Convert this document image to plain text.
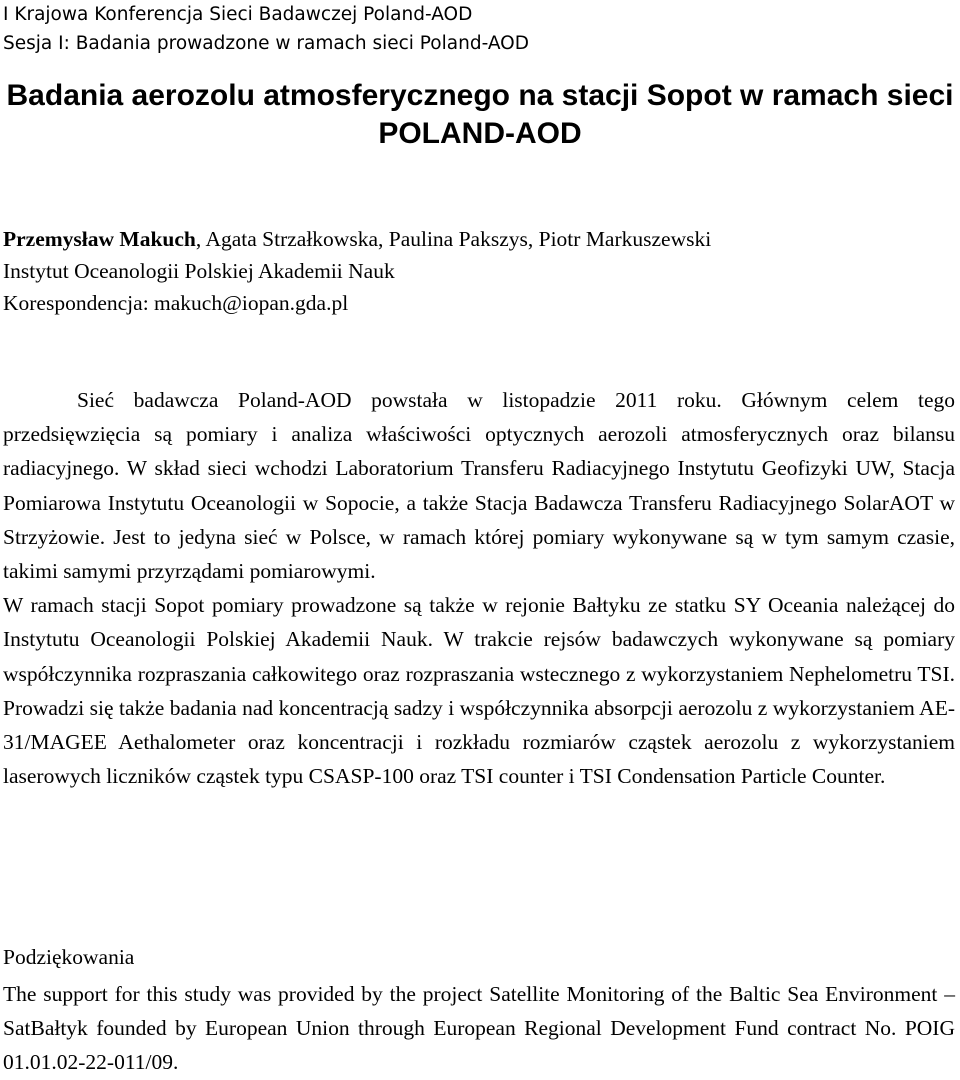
I Krajowa Konferencja Sieci Badawczej Poland-AOD
Sesja I: Badania prowadzone w ramach sieci Poland-AOD
Badania aerozolu atmosferycznego na stacji Sopot w ramach sieci
POLAND-AOD
Przemysław Makuch, Agata Strzałkowska, Paulina Pakszys, Piotr Markuszewski
Instytut Oceanologii Polskiej Akademii Nauk
Korespondencja: makuch@iopan.gda.pl

Sieć badawcza Poland-AOD powstała w listopadzie 2011 roku. Głównym celem tego przedsięwzięcia są pomiary i analiza właściwości optycznych aerozoli atmosferycznych oraz bilansu radiacyjnego. W skład sieci wchodzi Laboratorium Transferu Radiacyjnego Instytutu Geofizyki UW, Stacja Pomiarowa Instytutu Oceanologii w Sopocie, a także Stacja Badawcza Transferu Radiacyjnego SolarAOT w Strzyżowie. Jest to jedyna sieć w Polsce, w ramach której pomiary wykonywane są w tym samym czasie, takimi samymi przyrządami pomiarowymi.

W ramach stacji Sopot pomiary prowadzone są także w rejonie Bałtyku ze statku SY Oceania należącej do Instytutu Oceanologii Polskiej Akademii Nauk. W trakcie rejsów badawczych wykonywane są pomiary współczynnika rozpraszania całkowitego oraz rozpraszania wstecznego z wykorzystaniem Nephelometru TSI. Prowadzi się także badania nad koncentracją sadzy i współczynnika absorpcji aerozolu z wykorzystaniem AE-31/MAGEE Aethalometer oraz koncentracji i rozkładu rozmiarów cząstek aerozolu z wykorzystaniem laserowych liczników cząstek typu CSASP-100 oraz TSI counter i TSI Condensation Particle Counter.

Podziękowania
The support for this study was provided by the project Satellite Monitoring of the Baltic Sea Environment – SatBałtyk founded by European Union through European Regional Development Fund contract No. POIG 01.01.02-22-011/09.
